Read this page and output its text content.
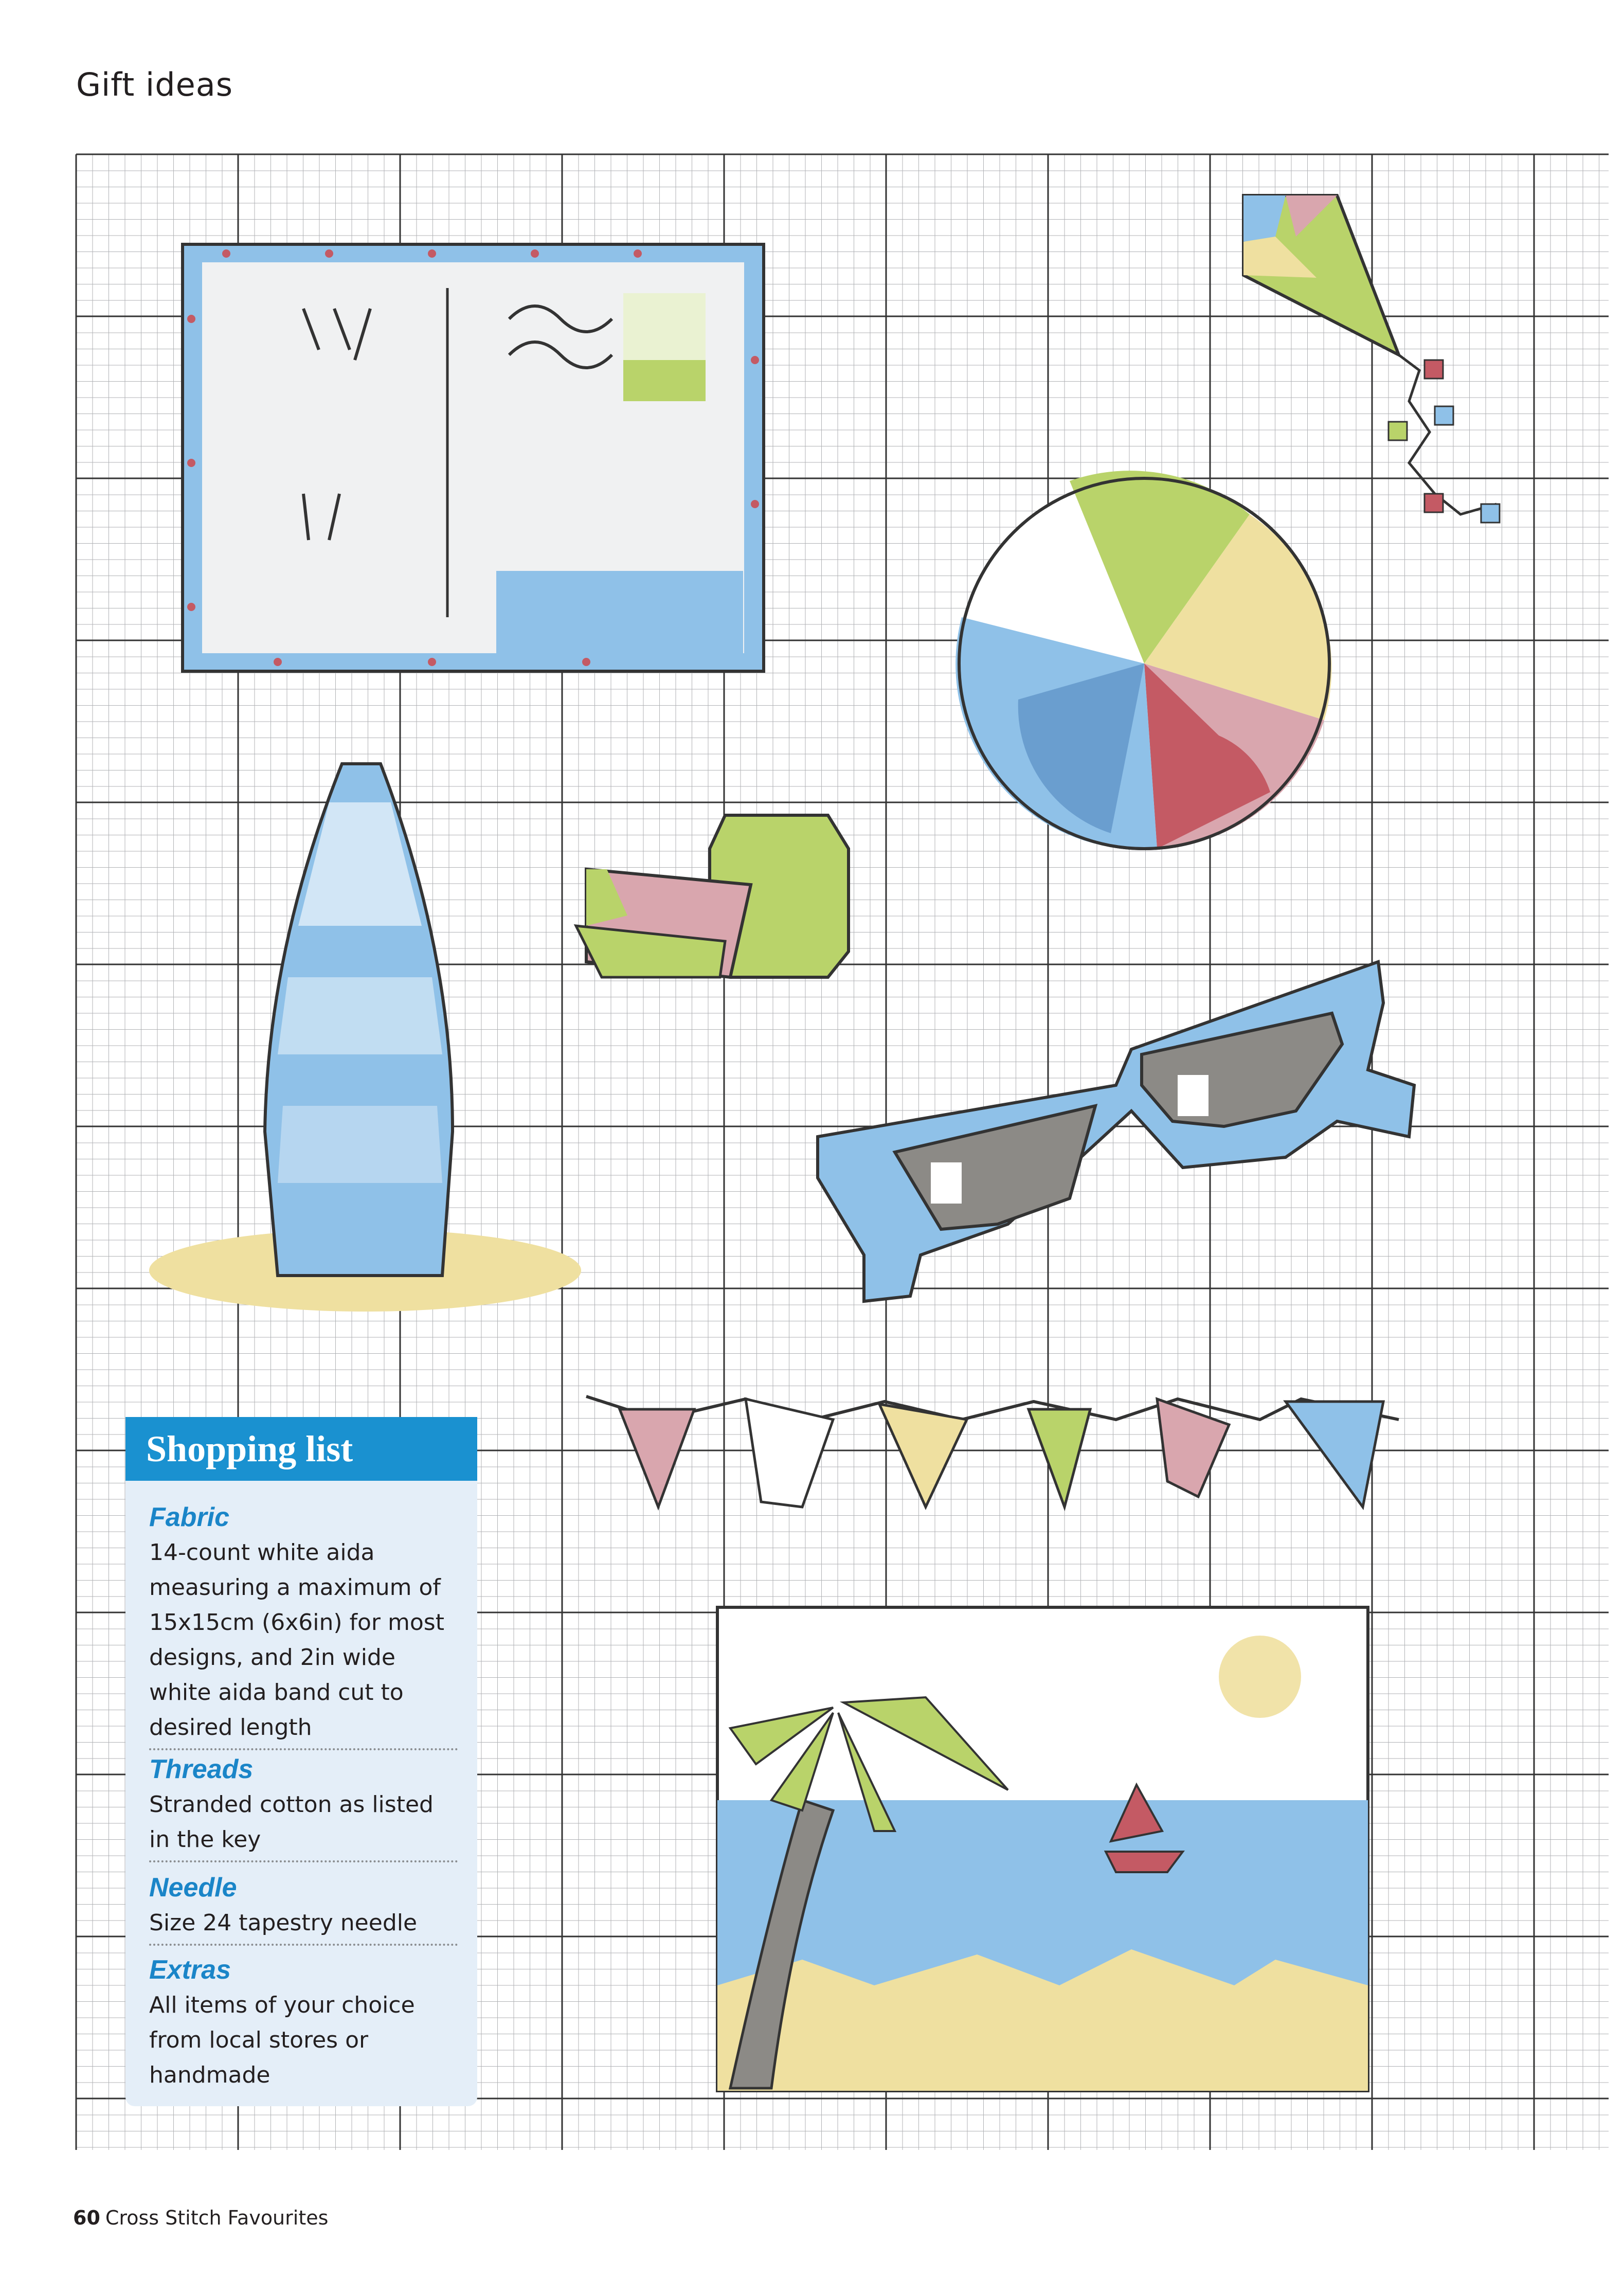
Gift ideas
Shopping list

Fabric

14-count white aida measuring a maximum of 15x15cm (6x6in) for most designs, and 2in wide white aida band cut to desired length

Threads

Stranded cotton as listed in the key

Needle

Size 24 tapestry needle

Extras

All items of your choice from local stores or handmade

60 Cross Stitch Favourites
